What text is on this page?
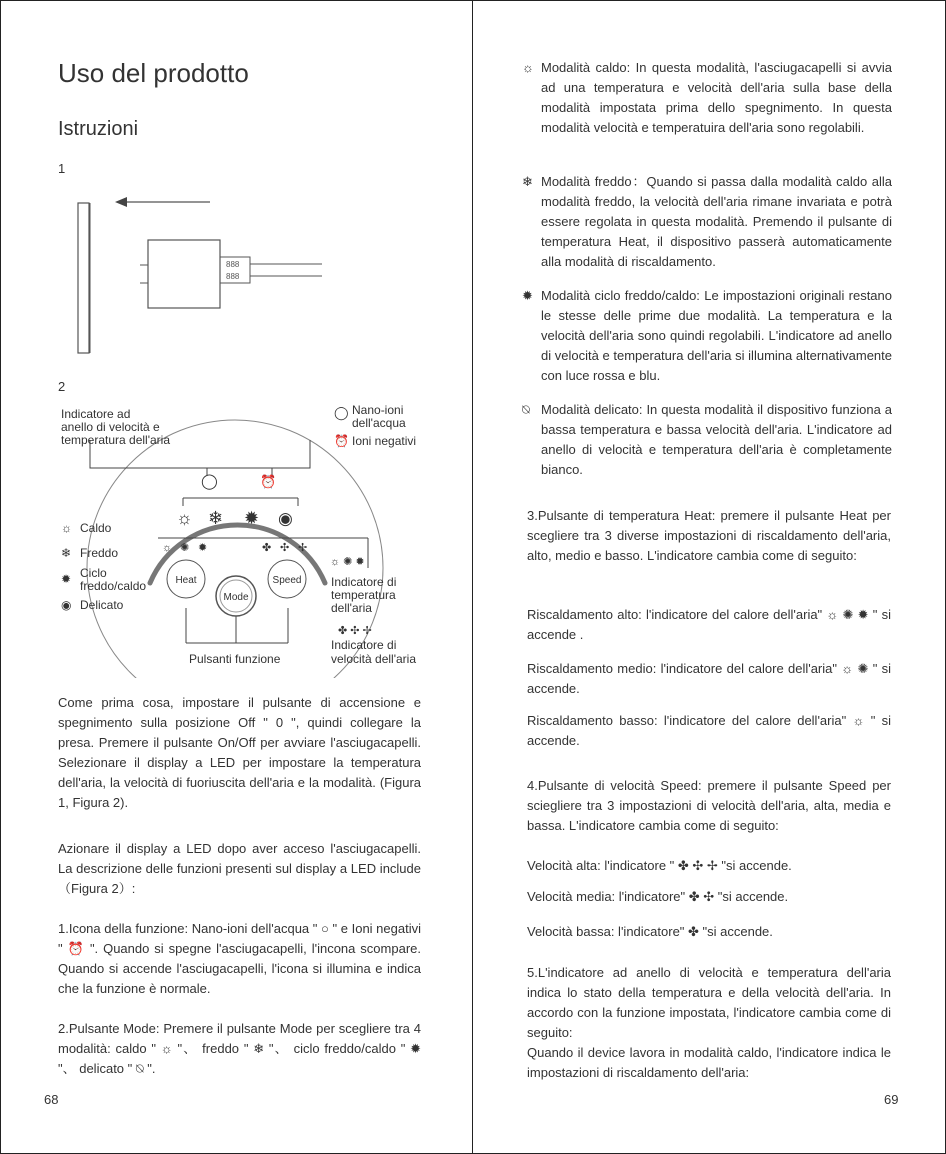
Uso del prodotto
Istruzioni
1
888
888
2
◯	⏰
☼ ❄ ✹ ◉
☼ ✺ ✹	✤ ✣ ✢
Heat
Mode
Speed
Indicatore ad
anello di velocità e
temperatura dell'aria
◯ Nano-ioni
dell'acqua
⏰ Ioni negativi
☼ Caldo
❄ Freddo
✹ Ciclo
freddo/caldo
◉ Delicato
☼ ✺ ✹
Indicatore di
temperatura
dell'aria
✤ ✣ ✢
Indicatore di
velocità dell'aria
Pulsanti funzione

Come prima cosa, impostare il pulsante di accensione e spegnimento sulla posizione Off " 0 ", quindi collegare la presa. Premere il pulsante On/Off per avviare l'asciugacapelli. Selezionare il display a LED per impostare la temperatura dell'aria, la velocità di fuoriuscita dell'aria e la modalità. (Figura 1, Figura 2).

Azionare il display a LED dopo aver acceso l'asciugacapelli. La descrizione delle funzioni presenti sul display a LED include（Figura 2）:

1.Icona della funzione: Nano-ioni dell'acqua " ○ " e Ioni negativi " ⏰ ". Quando si spegne l'asciugacapelli, l'incona scompare. Quando si accende l'asciugacapelli, l'icona si illumina e indica che la funzione è normale.

2.Pulsante Mode: Premere il pulsante Mode per scegliere tra 4 modalità: caldo " ☼ "、 freddo " ❄ "、 ciclo freddo/caldo " ✹ "、 delicato " ⍉ ".

68
☼ Modalità caldo: In questa modalità, l'asciugacapelli si avvia ad una temperatura e velocità dell'aria sulla base della modalità impostata prima dello spegnimento. In questa modalità velocità e temperatuira dell'aria sono regolabili.
❄ Modalità freddo：Quando si passa dalla modalità caldo alla modalità freddo, la velocità dell'aria rimane invariata e potrà essere regolata in questa modalità. Premendo il pulsante di temperatura Heat, il dispositivo passerà automaticamente alla modalità di riscaldamento.
✹ Modalità ciclo freddo/caldo: Le impostazioni originali restano le stesse delle prime due modalità. La temperatura e la velocità dell'aria sono quindi regolabili. L'indicatore ad anello di velocità e temperatura dell'aria si illumina alternativamente con luce rossa e blu.
⍉ Modalità delicato: In questa modalità il dispositivo funziona a bassa temperatura e bassa velocità dell'aria. L'indicatore ad anello di velocità e temperatura dell'aria è completamente bianco.

3.Pulsante di temperatura Heat: premere il pulsante Heat per scegliere tra 3 diverse impostazioni di riscaldamento dell'aria, alto, medio e basso. L'indicatore cambia come di seguito:

Riscaldamento alto: l'indicatore del calore dell'aria" ☼ ✺ ✹ " si accende .

Riscaldamento medio: l'indicatore del calore dell'aria" ☼ ✺ " si accende.

Riscaldamento basso: l'indicatore del calore dell'aria" ☼ " si accende.

4.Pulsante di velocità Speed: premere il pulsante Speed per sciegliere tra 3 impostazioni di velocità dell'aria, alta, media e bassa. L'indicatore cambia come di seguito:

Velocità alta: l'indicatore " ✤ ✣ ✢ "si accende.

Velocità media: l'indicatore" ✤ ✣ "si accende.

Velocità bassa: l'indicatore" ✤ "si accende.

5.L'indicatore ad anello di velocità e temperatura dell'aria indica lo stato della temperatura e della velocità dell'aria. In accordo con la funzione impostata, l'indicatore cambia come di seguito:

Quando il device lavora in modalità caldo, l'indicatore indica le impostazioni di riscaldamento dell'aria:

69
